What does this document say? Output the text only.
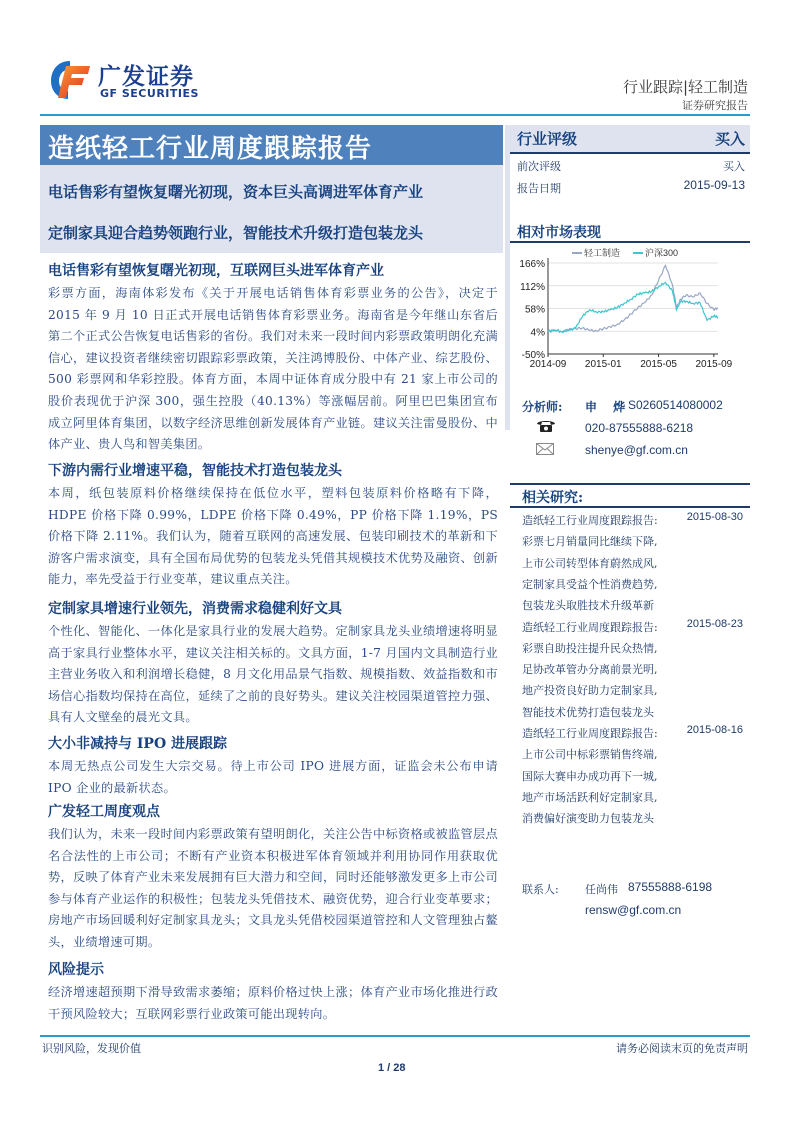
广发证券
GF SECURITIES	行业跟踪|轻工制造
证券研究报告
造纸轻工行业周度跟踪报告
电话售彩有望恢复曙光初现，资本巨头高调进军体育产业
定制家具迎合趋势领跑行业，智能技术升级打造包装龙头
行业评级	买入
前次评级	买入
报告日期	2015-09-13
相对市场表现
轻工制造	沪深300
166%
112%
58%
4%
-50%
2014-09 2015-01 2015-05 2015-09
分析师: 申 烨
S0260514080002
020-87555888-6218
shenye@gf.com.cn
相关研究:
造纸轻工行业周度跟踪报告:	2015-08-30
彩票七月销量同比继续下降,
上市公司转型体育蔚然成风,
定制家具受益个性消费趋势,
包装龙头取胜技术升级革新
造纸轻工行业周度跟踪报告:	2015-08-23
彩票自助投注提升民众热情,
足协改革管办分离前景光明,
地产投资良好助力定制家具,
智能技术优势打造包装龙头
造纸轻工行业周度跟踪报告:	2015-08-16
上市公司中标彩票销售终端,
国际大赛申办成功再下一城,
地产市场活跃利好定制家具,
消费偏好演变助力包装龙头
联系人: 任尚伟 87555888-6198
rensw@gf.com.cn
电话售彩有望恢复曙光初现，互联网巨头进军体育产业
彩票方面，海南体彩发布《关于开展电话销售体育彩票业务的公告》，决定于 2015 年 9 月 10 日正式开展电话销售体育彩票业务。海南省是今年继山东省后第二个正式公告恢复电话售彩的省份。我们对未来一段时间内彩票政策明朗化充满信心，建议投资者继续密切跟踪彩票政策，关注鸿博股份、中体产业、综艺股份、500 彩票网和华彩控股。体育方面，本周中证体育成分股中有 21 家上市公司的股价表现优于沪深 300，强生控股（40.13%）等涨幅居前。阿里巴巴集团宣布成立阿里体育集团，以数字经济思维创新发展体育产业链。建议关注雷曼股份、中体产业、贵人鸟和智美集团。
下游内需行业增速平稳，智能技术打造包装龙头
本周，纸包装原料价格继续保持在低位水平，塑料包装原料价格略有下降，HDPE 价格下降 0.99%，LDPE 价格下降 0.49%，PP 价格下降 1.19%，PS 价格下降 2.11%。我们认为，随着互联网的高速发展、包装印刷技术的革新和下游客户需求演变，具有全国布局优势的包装龙头凭借其规模技术优势及融资、创新能力，率先受益于行业变革，建议重点关注。
定制家具增速行业领先，消费需求稳健利好文具
个性化、智能化、一体化是家具行业的发展大趋势。定制家具龙头业绩增速将明显高于家具行业整体水平，建议关注相关标的。文具方面，1-7 月国内文具制造行业主营业务收入和利润增长稳健，8 月文化用品景气指数、规模指数、效益指数和市场信心指数均保持在高位，延续了之前的良好势头。建议关注校园渠道管控力强、具有人文壁垒的晨光文具。
大小非减持与 IPO 进展跟踪
本周无热点公司发生大宗交易。待上市公司 IPO 进展方面，证监会未公布申请 IPO 企业的最新状态。
广发轻工周度观点
我们认为，未来一段时间内彩票政策有望明朗化，关注公告中标资格或被监管层点名合法性的上市公司；不断有产业资本积极进军体育领域并利用协同作用获取优势，反映了体育产业未来发展拥有巨大潜力和空间，同时还能够激发更多上市公司参与体育产业运作的积极性；包装龙头凭借技术、融资优势，迎合行业变革要求；房地产市场回暖利好定制家具龙头；文具龙头凭借校园渠道管控和人文管理独占鳌头，业绩增速可期。
风险提示
经济增速超预期下滑导致需求萎缩；原料价格过快上涨；体育产业市场化推进行政干预风险较大；互联网彩票行业政策可能出现转向。
识别风险，发现价值	请务必阅读末页的免责声明
1 / 28
